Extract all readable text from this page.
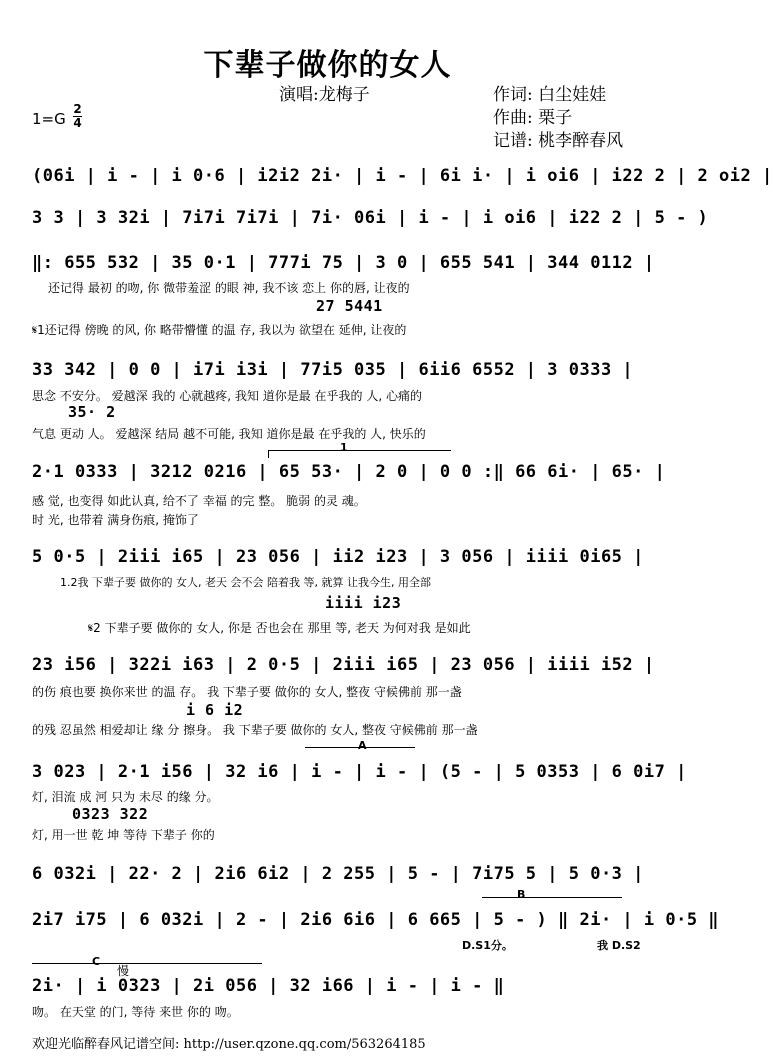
下辈子做你的女人
演唱:龙梅子
1=G
2
4
作词: 白尘娃娃
作曲: 栗子
记谱: 桃李醉春风
(06i | i - | i 0·6 | i2i2 2i· | i - | 6i i· | i oi6 | i22 2 | 2 oi2 |
3 3 | 3 32i | 7i7i 7i7i | 7i· 06i | i - | i oi6 | i22 2 | 5 - )
‖: 655 532 | 35 0·1 | 777i 75 | 3 0 | 655 541 | 344 0112 |
还记得 最初 的吻, 你 微带羞涩 的眼 神, 我不该 恋上 你的唇, 让夜的
27 5441
𝄋1还记得 傍晚 的风, 你 略带懵懂 的温 存, 我以为 欲望在 延伸, 让夜的
33 342 | 0 0 | i7i i3i | 77i5 035 | 6ii6 6552 | 3 0333 |
思念 不安分。 爱越深 我的 心就越疼, 我知 道你是最 在乎我的 人, 心痛的
35· 2
气息 更动 人。 爱越深 结局 越不可能, 我知 道你是最 在乎我的 人, 快乐的
1
2·1 0333 | 3212 0216 | 65 53· | 2 0 | 0 0 :‖ 66 6i· | 65· |
感 觉, 也变得 如此认真, 给不了 幸福 的完 整。 脆弱 的灵 魂。
时 光, 也带着 满身伤痕, 掩饰了
5 0·5 | 2iii i65 | 23 056 | ii2 i23 | 3 056 | iiii 0i65 |
1.2我 下辈子要 做你的 女人, 老天 会不会 陪着我 等, 就算 让我今生, 用全部
iiii i23
𝄋2 下辈子要 做你的 女人, 你是 否也会在 那里 等, 老天 为何对我 是如此
23 i56 | 322i i63 | 2 0·5 | 2iii i65 | 23 056 | iiii i52 |
的伤 痕也要 换你来世 的温 存。 我 下辈子要 做你的 女人, 整夜 守候佛前 那一盏
i 6 i2
的残 忍虽然 相爱却让 缘 分 擦身。 我 下辈子要 做你的 女人, 整夜 守候佛前 那一盏
A
3 023 | 2·1 i56 | 32 i6 | i - | i - | (5 - | 5 0353 | 6 0i7 |
灯, 泪流 成 河 只为 未尽 的缘 分。
0323 322
灯, 用一世 乾 坤 等待 下辈子 你的
6 032i | 22· 2 | 2i6 6i2 | 2 255 | 5 - | 7i75 5 | 5 0·3 |
B
2i7 i75 | 6 032i | 2 - | 2i6 6i6 | 6 665 | 5 - ) ‖ 2i· | i 0·5 ‖
D.S1分。	我 D.S2
C
慢
2i· | i 0323 | 2i 056 | 32 i66 | i - | i - ‖
吻。 在天堂 的门, 等待 来世 你的 吻。
欢迎光临醉春风记谱空间: http://user.qzone.qq.com/563264185
